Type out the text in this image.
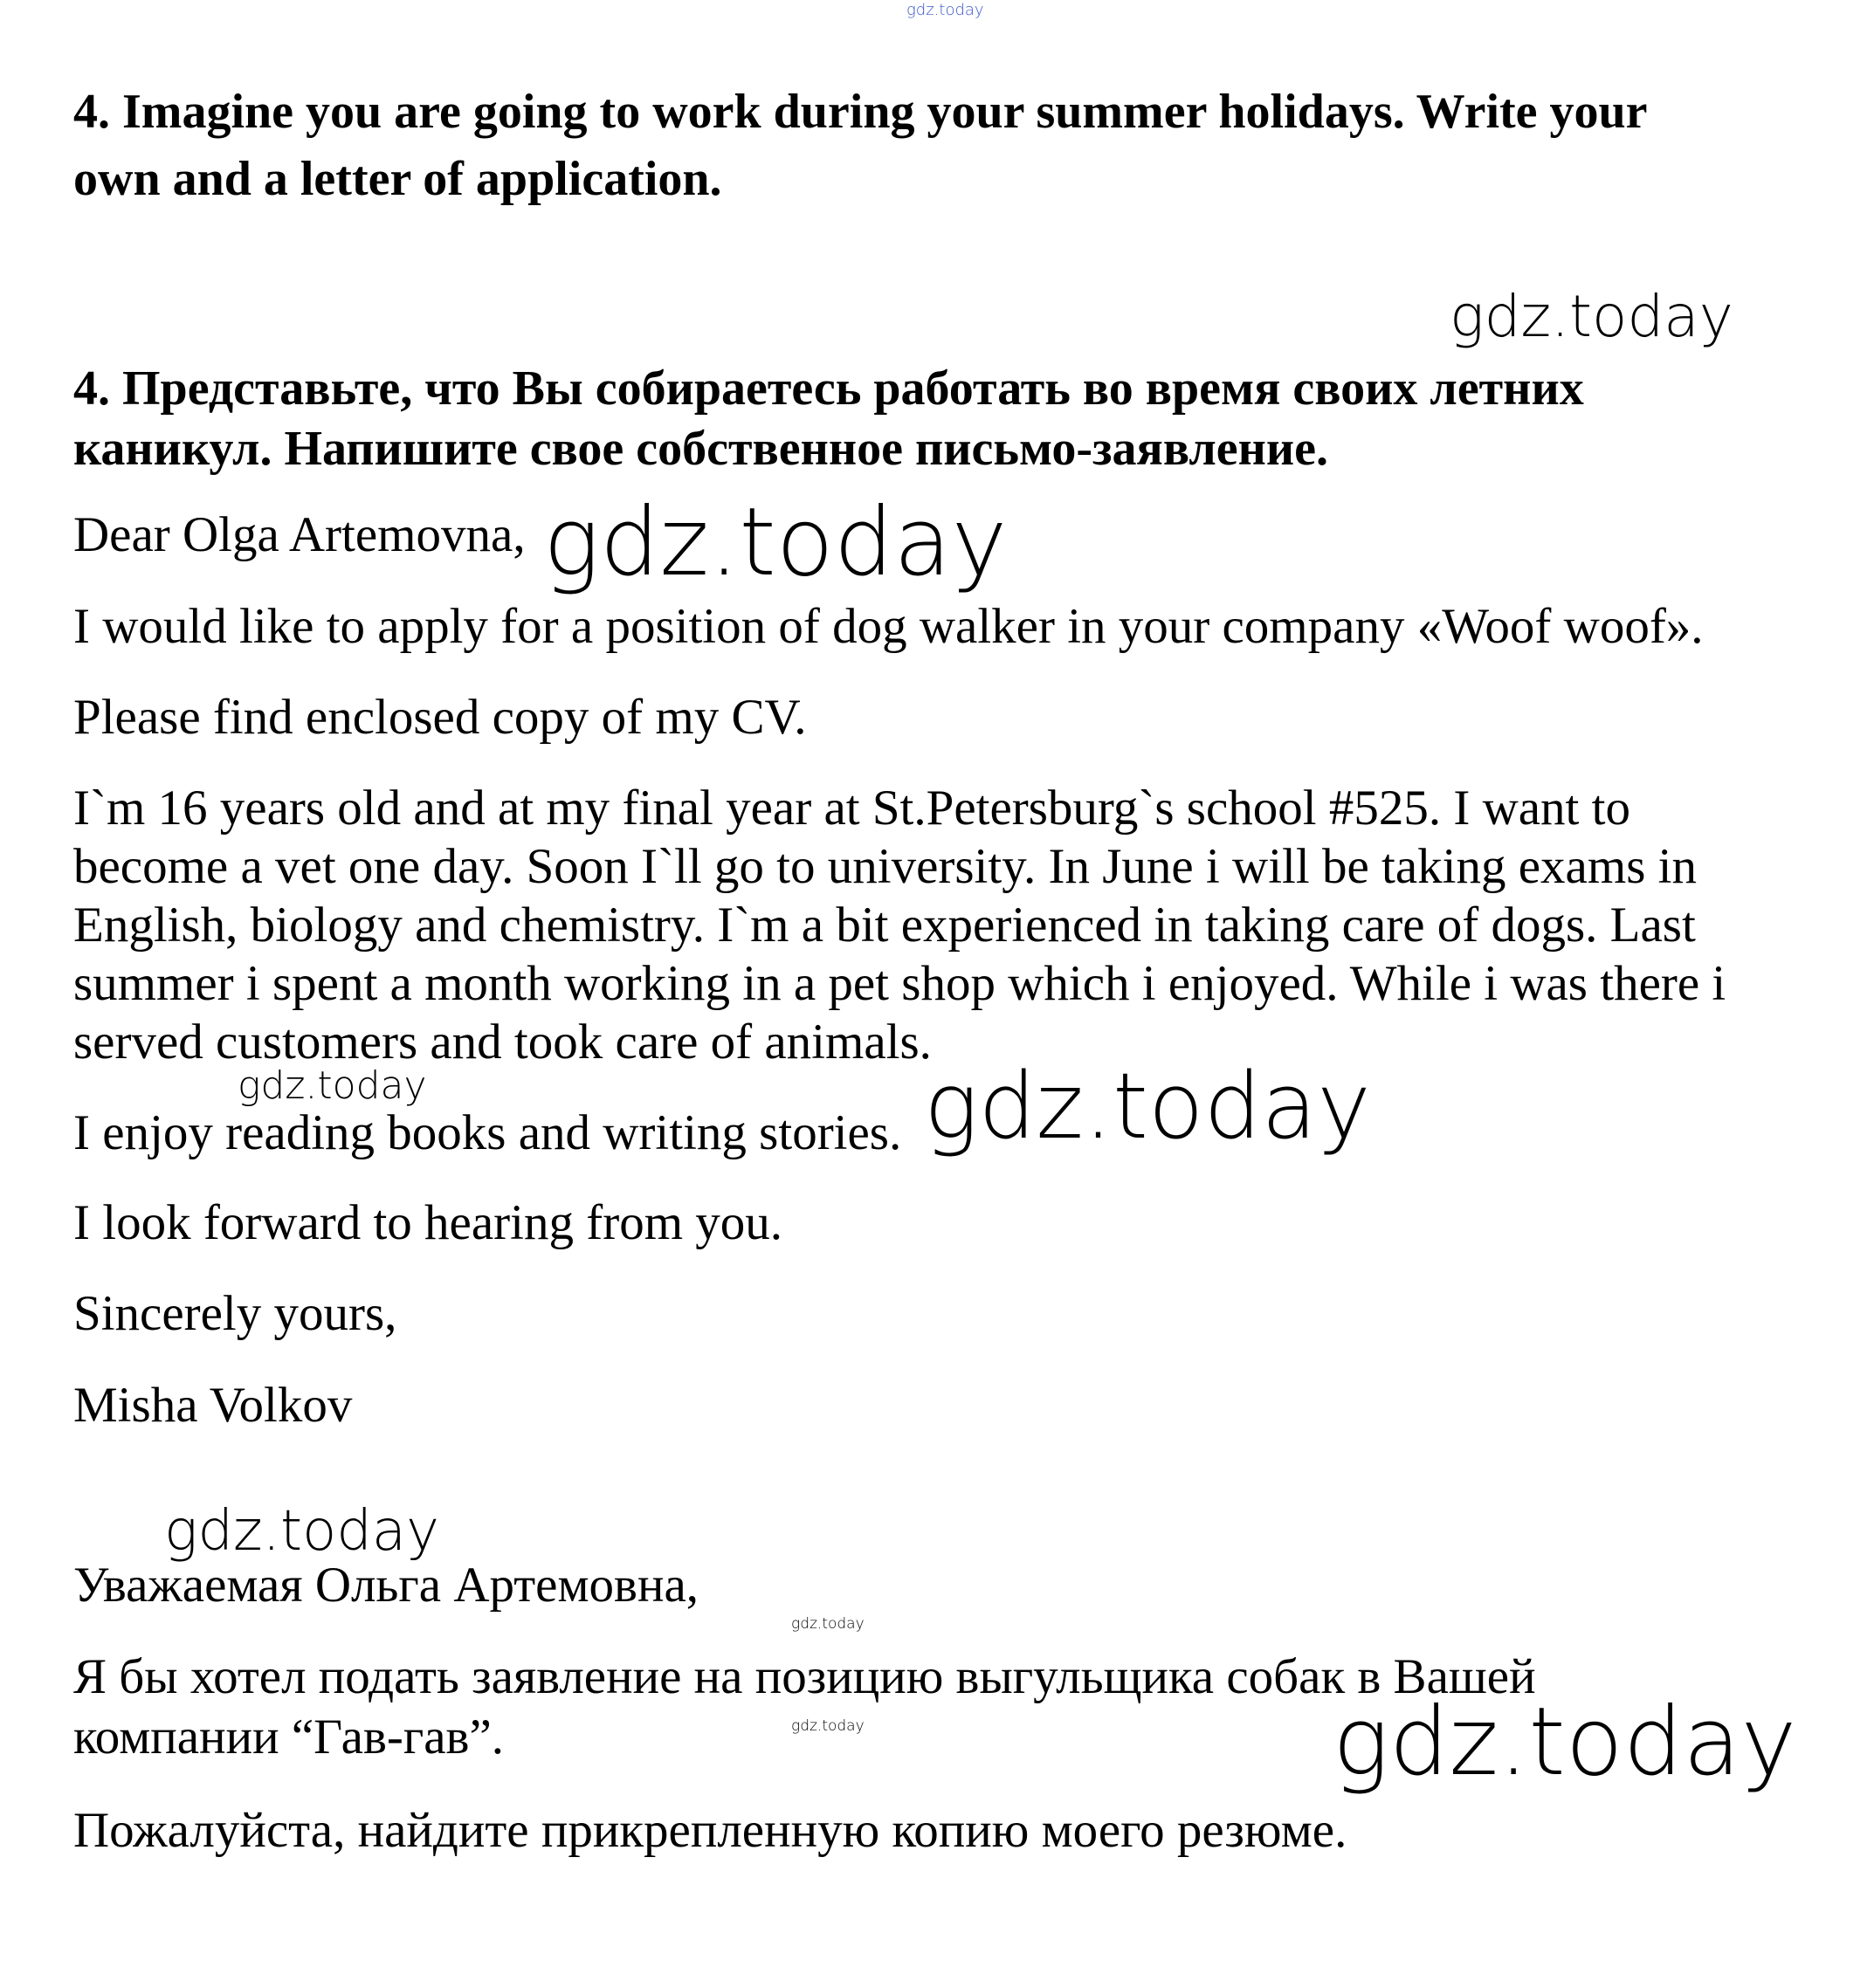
gdz.today

4. Imagine you are going to work during your summer holidays. Write your

own and a letter of application.

gdz.today

4. Представьте, что Вы собираетесь работать во время своих летних

каникул. Напишите свое собственное письмо-заявление.

Dear Olga Artemovna, gdz.today

I would like to apply for a position of dog walker in your company «Woof woof».

Please find enclosed copy of my CV.

I`m 16 years old and at my final year at St.Petersburg`s school #525. I want to

become a vet one day. Soon I`ll go to university. In June i will be taking exams in

English, biology and chemistry. I`m a bit experienced in taking care of dogs. Last

summer i spent a month working in a pet shop which i enjoyed. While i was there i

served customers and took care of animals.

gdz.today

I enjoy reading books and writing stories. gdz.today

I look forward to hearing from you.

Sincerely yours,

Misha Volkov

gdz.today

Уважаемая Ольга Артемовна,

gdz.today

Я бы хотел подать заявление на позицию выгульщика собак в Вашей

компании “Гав-гав”.	gdz.today	gdz.today

Пожалуйста, найдите прикрепленную копию моего резюме.
